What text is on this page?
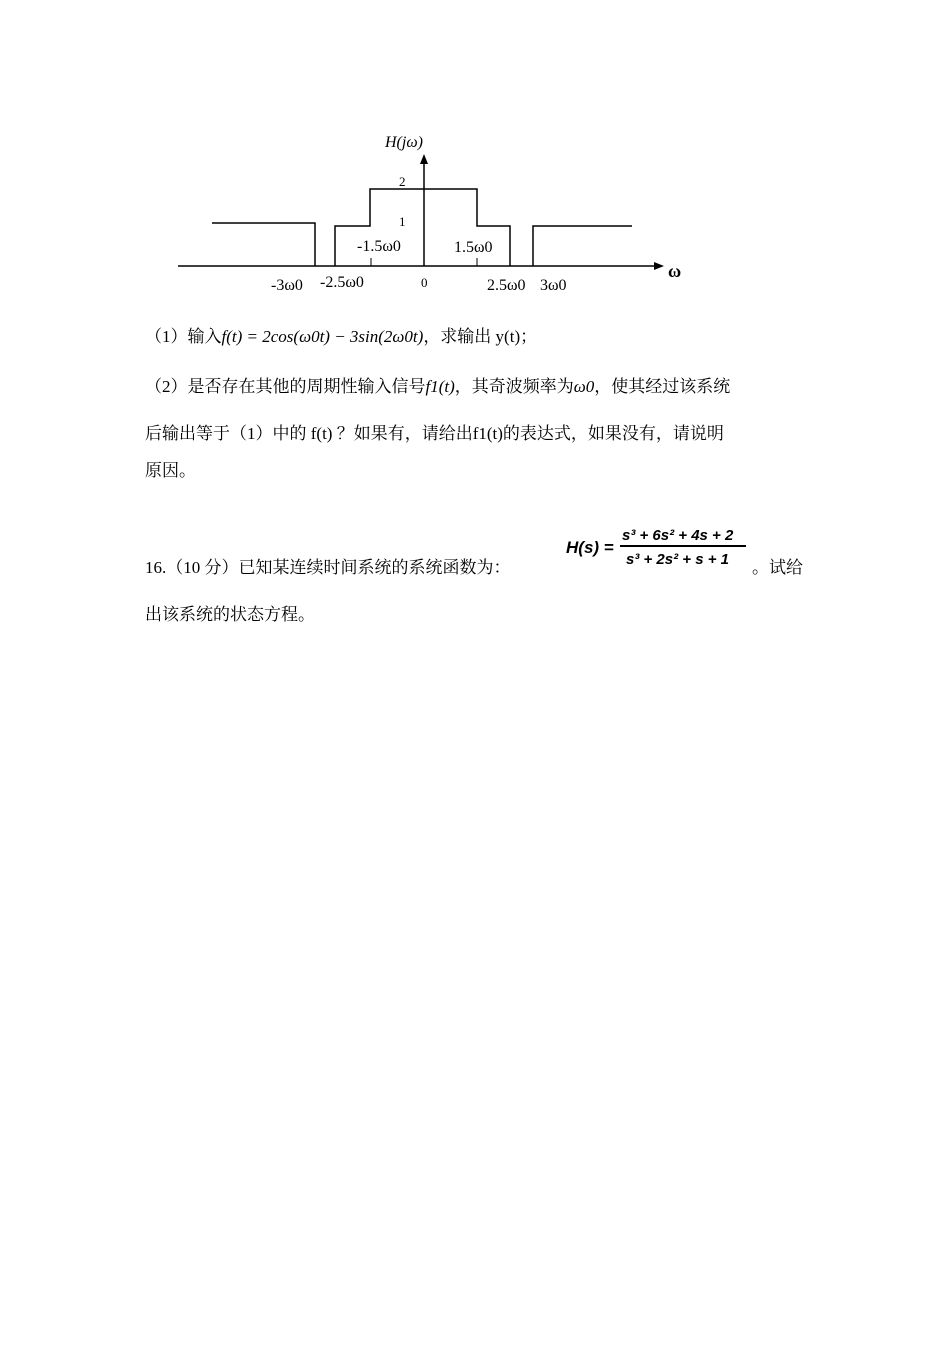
H(jω)
2
1
-1.5ω0	1.5ω0
-3ω0 -2.5ω0	0	2.5ω0 3ω0
ω
（1）输入f(t) = 2cos(ω0t) − 3sin(2ω0t)，求输出 y(t)；
（2）是否存在其他的周期性输入信号f1(t)，其奇波频率为ω0，使其经过该系统
后输出等于（1）中的 f(t) ？如果有，请给出f1(t)的表达式，如果没有，请说明
原因。
16.（10 分）已知某连续时间系统的系统函数为：
H(s) =
s³ + 6s² + 4s + 2
s³ + 2s² + s + 1 。试给
出该系统的状态方程。
